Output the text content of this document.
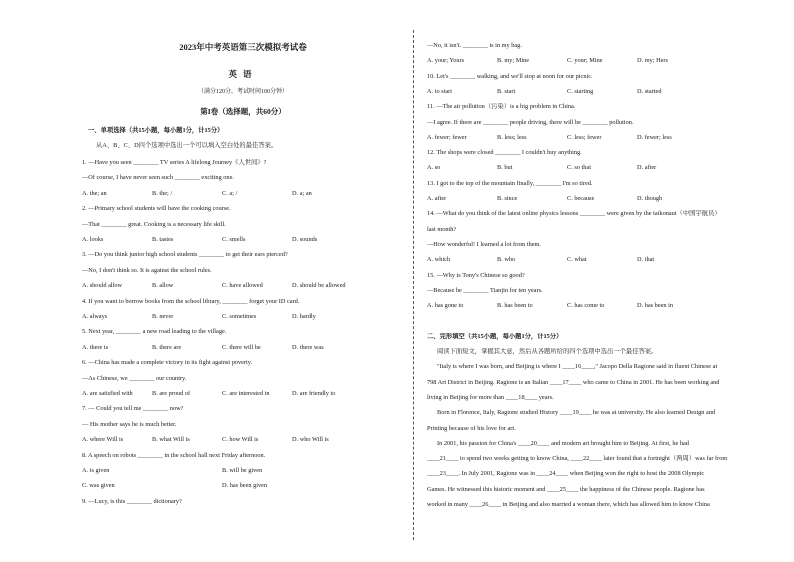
2023年中考英语第三次模拟考试卷
英语
（满分120分，考试时间100分钟）
第I卷（选择题，共60分）
一、单项选择（共15小题，每小题1分，计15分）
从A、B、C、D四个选项中选出一个可以填入空白处的最佳答案。
1. —Have you seen ________ TV series A lifelong Journey《人世间》?
—Of course, I have never seen such ________ exciting one.
A. the; an	B. the; /	C. a; /	D. a; an
2. —Primary school students will have the cooking course.
—That ________ great. Cooking is a necessary life skill.
A. looks	B. tastes	C. smells	D. sounds
3. —Do you think junior high school students ________ to get their ears pierced?
—No, I don't think so. It is against the school rules.
A. should allow	B. allow	C. have allowed	D. should be allowed
4. If you want to borrow books from the school library, ________ forget your ID card.
A. always	B. never	C. sometimes	D. hardly
5. Next year, ________ a new road leading to the village.
A. there is	B. there are	C. there will be	D. there was
6. —China has made a complete victory in its fight against poverty.
—As Chinese, we ________ our country.
A. are satisfied with	B. are proud of	C. are interested in	D. are friendly to
7. — Could you tell me ________ now?
— His mother says he is much better.
A. where Will is	B. what Will is	C. how Will is	D. who Will is
8. A speech on robots ________ in the school hall next Friday afternoon.
A. is given	B. will be given
C. was given	D. has been given
9. —Lucy, is this ________ dictionary?
—No, it isn't. ________ is in my bag.
A. your; Yours	B. my; Mine	C. your; Mine	D. my; Hers
10. Let's ________ walking, and we'll stop at noon for our picnic.
A. to start	B. start	C. starting	D. started
11. —The air pollution（污染）is a big problem in China.
—I agree. If there are ________ people driving, there will be ________ pollution.
A. fewer; fewer	B. less; less	C. less; fewer	D. fewer; less
12. The shops were closed ________ I couldn't buy anything.
A. so	B. but	C. so that	D. after
13. I got to the top of the mountain finally, ________ I'm so tired.
A. after	B. since	C. because	D. though
14. —What do you think of the latest online physics lessons ________ were given by the taikonaut（中国宇航员）
last month?
—How wonderful! I learned a lot from them.
A. which	B. who	C. what	D. that
15. —Why is Tony's Chinese so good?
—Because he ________ Tianjin for ten years.
A. has gone to	B. has been to	C. has come to	D. has been in
二、完形填空（共15小题，每小题1分，计15分）
阅读下面短文，掌握其大意，然后从各题所给的四个选项中选出一个最佳答案。
"Italy is where I was born, and Beijing is where I ____16____," Jacopo Della Ragione said in fluent Chinese at
798 Art District in Beijing. Ragione is an Italian ____17____ who came to China in 2001. He has been working and
living in Beijing for more than ____18____ years.
Born in Florence, Italy, Ragione studied History ____19____ he was at university. He also learned Design and
Printing because of his love for art.
In 2001, his passion for China's ____20____ and modern art brought him to Beijing. At first, he had
____21____ to spend two weeks getting to know China, ____22____ later found that a fortnight（两周）was far from
____23____. In July 2001, Ragione was in ____24____ when Beijing won the right to host the 2008 Olympic
Games. He witnessed this historic moment and ____25____ the happiness of the Chinese people. Ragione has
worked in many ____26____ in Beijing and also married a woman there, which has allowed him to know China
